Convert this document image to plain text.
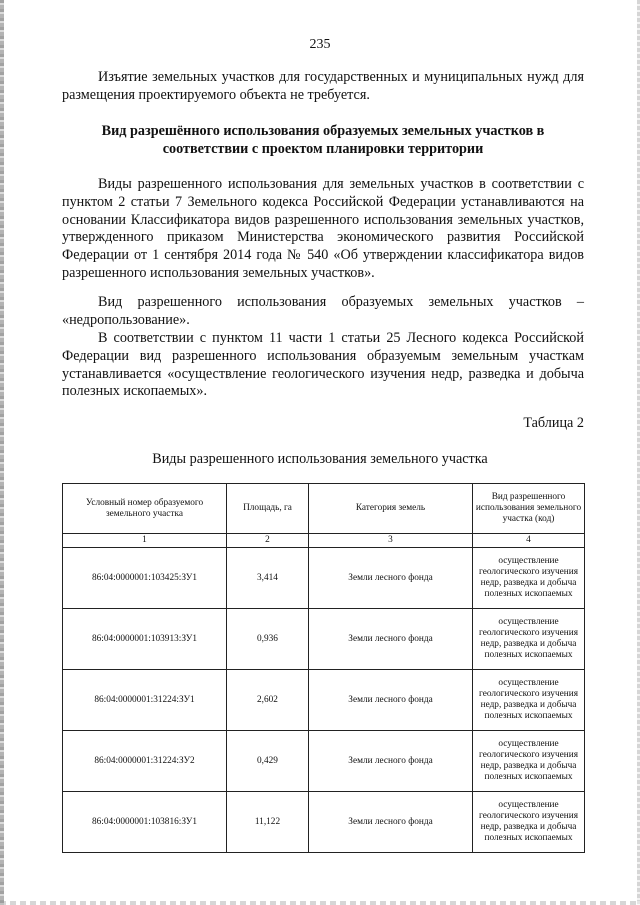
235

Изъятие земельных участков для государственных и муниципальных нужд для размещения проектируемого объекта не требуется.

Вид разрешённого использования образуемых земельных участков в соответствии с проектом планировки территории

Виды разрешенного использования для земельных участков в соответствии с пунктом 2 статьи 7 Земельного кодекса Российской Федерации устанавливаются на основании Классификатора видов разрешенного использования земельных участков, утвержденного приказом Министерства экономического развития Российской Федерации от 1 сентября 2014 года № 540 «Об утверждении классификатора видов разрешенного использования земельных участков».

Вид разрешенного использования образуемых земельных участков – «недропользование».

В соответствии с пунктом 11 части 1 статьи 25 Лесного кодекса Российской Федерации вид разрешенного использования образуемым земельным участкам устанавливается «осуществление геологического изучения недр, разведка и добыча полезных ископаемых».

Таблица 2
Виды разрешенного использования земельного участка
Условный номер образуемого земельного участка	Площадь, га	Категория земель	Вид разрешенного использования земельного участка (код)
1	2	3	4
86:04:0000001:103425:ЗУ1	3,414	Земли лесного фонда	осуществление геологического изучения недр, разведка и добыча полезных ископаемых
86:04:0000001:103913:ЗУ1	0,936	Земли лесного фонда	осуществление геологического изучения недр, разведка и добыча полезных ископаемых
86:04:0000001:31224:ЗУ1	2,602	Земли лесного фонда	осуществление геологического изучения недр, разведка и добыча полезных ископаемых
86:04:0000001:31224:ЗУ2	0,429	Земли лесного фонда	осуществление геологического изучения недр, разведка и добыча полезных ископаемых
86:04:0000001:103816:ЗУ1	11,122	Земли лесного фонда	осуществление геологического изучения недр, разведка и добыча полезных ископаемых
